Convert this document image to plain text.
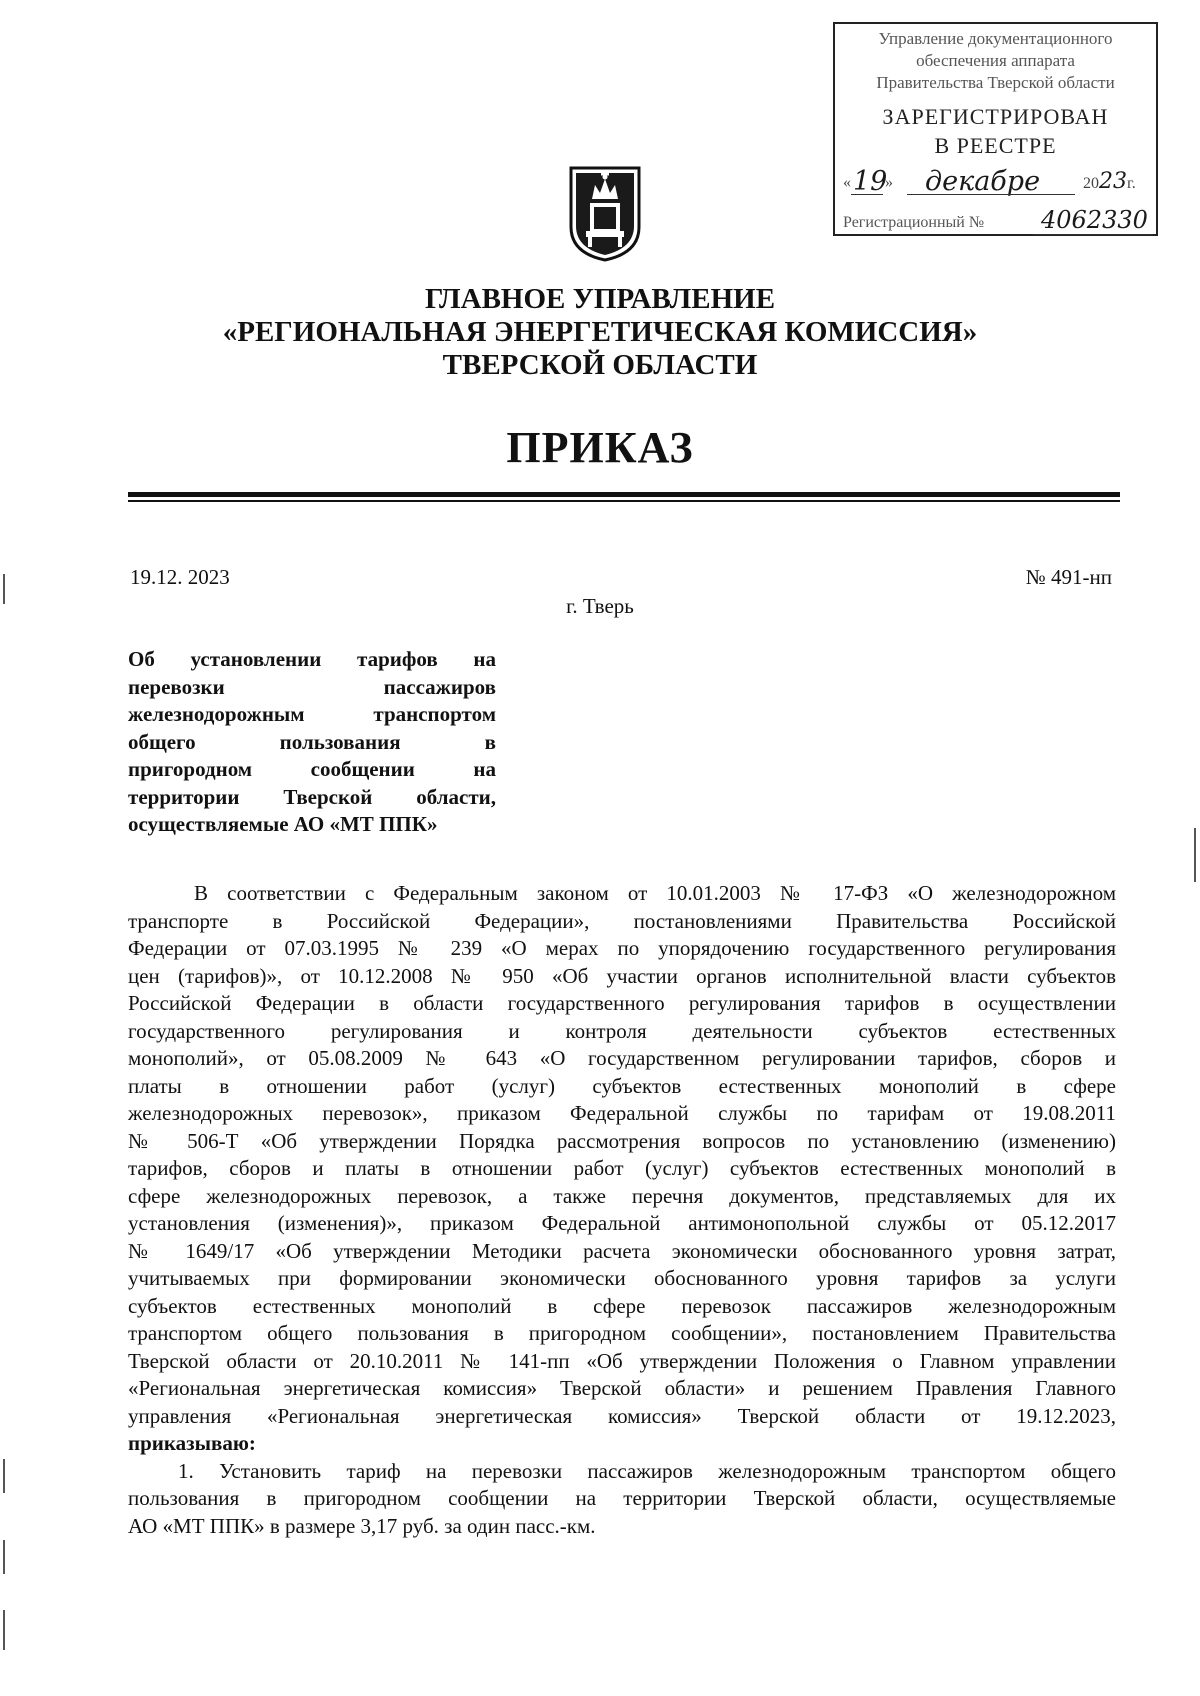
Управление документационного
обеспечения аппарата
Правительства Тверской области
ЗАРЕГИСТРИРОВАН
В РЕЕСТРЕ
« 19
» декабре	2023г.
Регистрационный № 4062330
ГЛАВНОЕ УПРАВЛЕНИЕ
«РЕГИОНАЛЬНАЯ ЭНЕРГЕТИЧЕСКАЯ КОМИССИЯ»
ТВЕРСКОЙ ОБЛАСТИ
ПРИКАЗ
19.12. 2023	№ 491-нп
г. Тверь
Об установлении тарифов на
перевозки пассажиров
железнодорожным транспортом
общего пользования в
пригородном сообщении на
территории Тверской области,
осуществляемые АО «МТ ППК»
В соответствии с Федеральным законом от 10.01.2003 № 17-ФЗ «О железнодорожном
транспорте в Российской Федерации», постановлениями Правительства Российской
Федерации от 07.03.1995 № 239 «О мерах по упорядочению государственного регулирования
цен (тарифов)», от 10.12.2008 № 950 «Об участии органов исполнительной власти субъектов
Российской Федерации в области государственного регулирования тарифов в осуществлении
государственного регулирования и контроля деятельности субъектов естественных
монополий», от 05.08.2009 № 643 «О государственном регулировании тарифов, сборов и
платы в отношении работ (услуг) субъектов естественных монополий в сфере
железнодорожных перевозок», приказом Федеральной службы по тарифам от 19.08.2011
№ 506-Т «Об утверждении Порядка рассмотрения вопросов по установлению (изменению)
тарифов, сборов и платы в отношении работ (услуг) субъектов естественных монополий в
сфере железнодорожных перевозок, а также перечня документов, представляемых для их
установления (изменения)», приказом Федеральной антимонопольной службы от 05.12.2017
№ 1649/17 «Об утверждении Методики расчета экономически обоснованного уровня затрат,
учитываемых при формировании экономически обоснованного уровня тарифов за услуги
субъектов естественных монополий в сфере перевозок пассажиров железнодорожным
транспортом общего пользования в пригородном сообщении», постановлением Правительства
Тверской области от 20.10.2011 № 141-пп «Об утверждении Положения о Главном управлении
«Региональная энергетическая комиссия» Тверской области» и решением Правления Главного
управления «Региональная энергетическая комиссия» Тверской области от 19.12.2023,
приказываю:
1. Установить тариф на перевозки пассажиров железнодорожным транспортом общего
пользования в пригородном сообщении на территории Тверской области, осуществляемые
АО «МТ ППК» в размере 3,17 руб. за один пасс.-км.
